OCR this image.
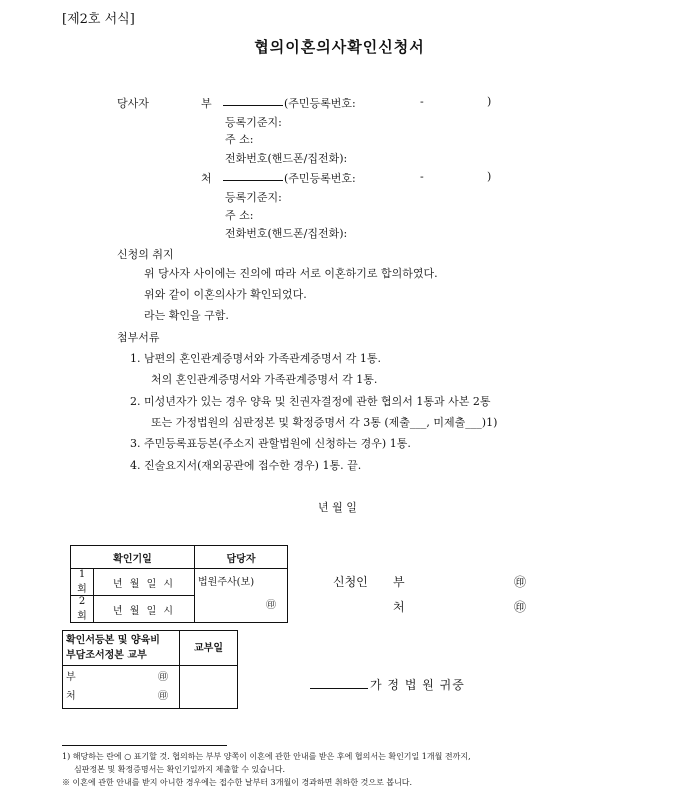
[제2호 서식]
협의이혼의사확인신청서
당사자	부	(주민등록번호:	-	)
등록기준지:
주 소:
전화번호(핸드폰/집전화):
처	(주민등록번호:	-	)
등록기준지:
주 소:
전화번호(핸드폰/집전화):
신청의 취지
위 당사자 사이에는 진의에 따라 서로 이혼하기로 합의하였다.
위와 같이 이혼의사가 확인되었다.
라는 확인을 구함.
첨부서류
1. 남편의 혼인관계증명서와 가족관계증명서 각 1통.
처의 혼인관계증명서와 가족관계증명서 각 1통.
2. 미성년자가 있는 경우 양육 및 친권자결정에 관한 협의서 1통과 사본 2통
또는 가정법원의 심판정본 및 확정증명서 각 3통 (제출___, 미제출___)1)
3. 주민등록표등본(주소지 관할법원에 신청하는 경우) 1통.
4. 진술요지서(재외공관에 접수한 경우) 1통. 끝.
년 월 일
확인기일		담당자
1회	년 월 일 시	법원주사(보)
㊞

2회	년 월 일 시	
신청인 부	㊞
처	㊞
확인서등본 및 양육비
부담조서정본 교부	교부일

부 ㊞
처 ㊞	

가 정 법 원 귀중
1) 해당하는 란에 ○ 표기할 것. 협의하는 부부 양쪽이 이혼에 관한 안내를 받은 후에 협의서는 확인기일 1개월 전까지,
심판정본 및 확정증명서는 확인기일까지 제출할 수 있습니다.
※ 이혼에 관한 안내를 받지 아니한 경우에는 접수한 날부터 3개월이 경과하면 취하한 것으로 봅니다.
